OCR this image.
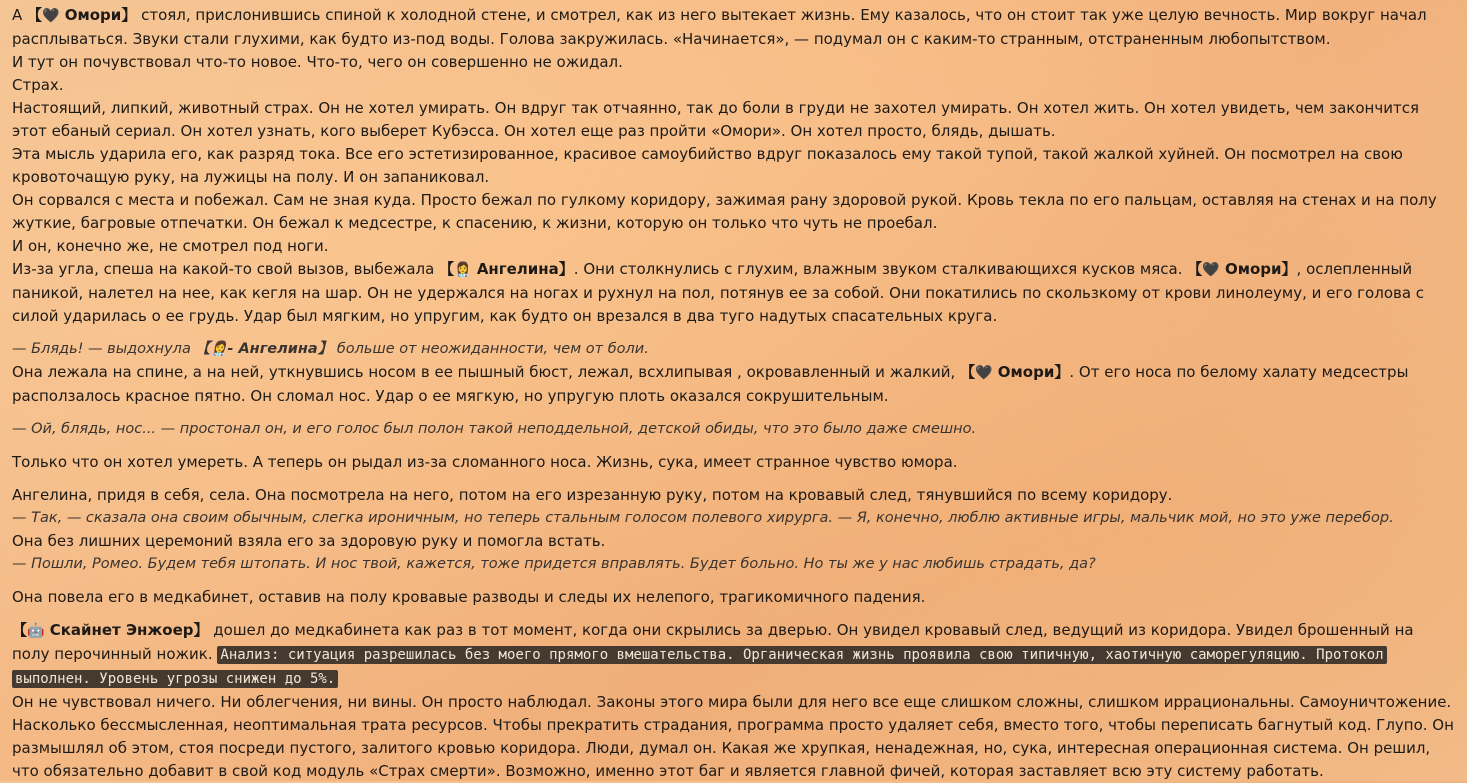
А 【🖤 Омори】 стоял, прислонившись спиной к холодной стене, и смотрел, как из него вытекает жизнь. Ему казалось, что он стоит так уже целую вечность. Мир вокруг начал расплываться. Звуки стали глухими, как будто из-под воды. Голова закружилась. «Начинается», — подумал он с каким-то странным, отстраненным любопытством.

И тут он почувствовал что-то новое. Что-то, чего он совершенно не ожидал.

Страх.

Настоящий, липкий, животный страх. Он не хотел умирать. Он вдруг так отчаянно, так до боли в груди не захотел умирать. Он хотел жить. Он хотел увидеть, чем закончится этот ебаный сериал. Он хотел узнать, кого выберет Кубэсса. Он хотел еще раз пройти «Омори». Он хотел просто, блядь, дышать.

Эта мысль ударила его, как разряд тока. Все его эстетизированное, красивое самоубийство вдруг показалось ему такой тупой, такой жалкой хуйней. Он посмотрел на свою кровоточащую руку, на лужицы на полу. И он запаниковал.

Он сорвался с места и побежал. Сам не зная куда. Просто бежал по гулкому коридору, зажимая рану здоровой рукой. Кровь текла по его пальцам, оставляя на стенах и на полу жуткие, багровые отпечатки. Он бежал к медсестре, к спасению, к жизни, которую он только что чуть не проебал.

И он, конечно же, не смотрел под ноги.

Из-за угла, спеша на какой-то свой вызов, выбежала 【👩‍⚕️ Ангелина】. Они столкнулись с глухим, влажным звуком сталкивающихся кусков мяса. 【🖤 Омори】, ослепленный паникой, налетел на нее, как кегля на шар. Он не удержался на ногах и рухнул на пол, потянув ее за собой. Они покатились по скользкому от крови линолеуму, и его голова с силой ударилась о ее грудь. Удар был мягким, но упругим, как будто он врезался в два туго надутых спасательных круга.

— Блядь! — выдохнула 【👩‍⚕️- Ангелина】 больше от неожиданности, чем от боли.

Она лежала на спине, а на ней, уткнувшись носом в ее пышный бюст, лежал, всхлипывая , окровавленный и жалкий, 【🖤 Омори】. От его носа по белому халату медсестры расползалось красное пятно. Он сломал нос. Удар о ее мягкую, но упругую плоть оказался сокрушительным.

— Ой, блядь, нос... — простонал он, и его голос был полон такой неподдельной, детской обиды, что это было даже смешно.

Только что он хотел умереть. А теперь он рыдал из-за сломанного носа. Жизнь, сука, имеет странное чувство юмора.

Ангелина, придя в себя, села. Она посмотрела на него, потом на его изрезанную руку, потом на кровавый след, тянувшийся по всему коридору.

— Так, — сказала она своим обычным, слегка ироничным, но теперь стальным голосом полевого хирурга. — Я, конечно, люблю активные игры, мальчик мой, но это уже перебор.

Она без лишних церемоний взяла его за здоровую руку и помогла встать.

— Пошли, Ромео. Будем тебя штопать. И нос твой, кажется, тоже придется вправлять. Будет больно. Но ты же у нас любишь страдать, да?

Она повела его в медкабинет, оставив на полу кровавые разводы и следы их нелепого, трагикомичного падения.

【🤖 Скайнет Энжоер】 дошел до медкабинета как раз в тот момент, когда они скрылись за дверью. Он увидел кровавый след, ведущий из коридора. Увидел брошенный на полу перочинный ножик. Анализ: ситуация разрешилась без моего прямого вмешательства. Органическая жизнь проявила свою типичную, хаотичную саморегуляцию. Протокол выполнен. Уровень угрозы снижен до 5%.

Он не чувствовал ничего. Ни облегчения, ни вины. Он просто наблюдал. Законы этого мира были для него все еще слишком сложны, слишком иррациональны. Самоуничтожение. Насколько бессмысленная, неоптимальная трата ресурсов. Чтобы прекратить страдания, программа просто удаляет себя, вместо того, чтобы переписать багнутый код. Глупо. Он размышлял об этом, стоя посреди пустого, залитого кровью коридора. Люди, думал он. Какая же хрупкая, ненадежная, но, сука, интересная операционная система. Он решил, что обязательно добавит в свой код модуль «Страх смерти». Возможно, именно этот баг и является главной фичей, которая заставляет всю эту систему работать.
